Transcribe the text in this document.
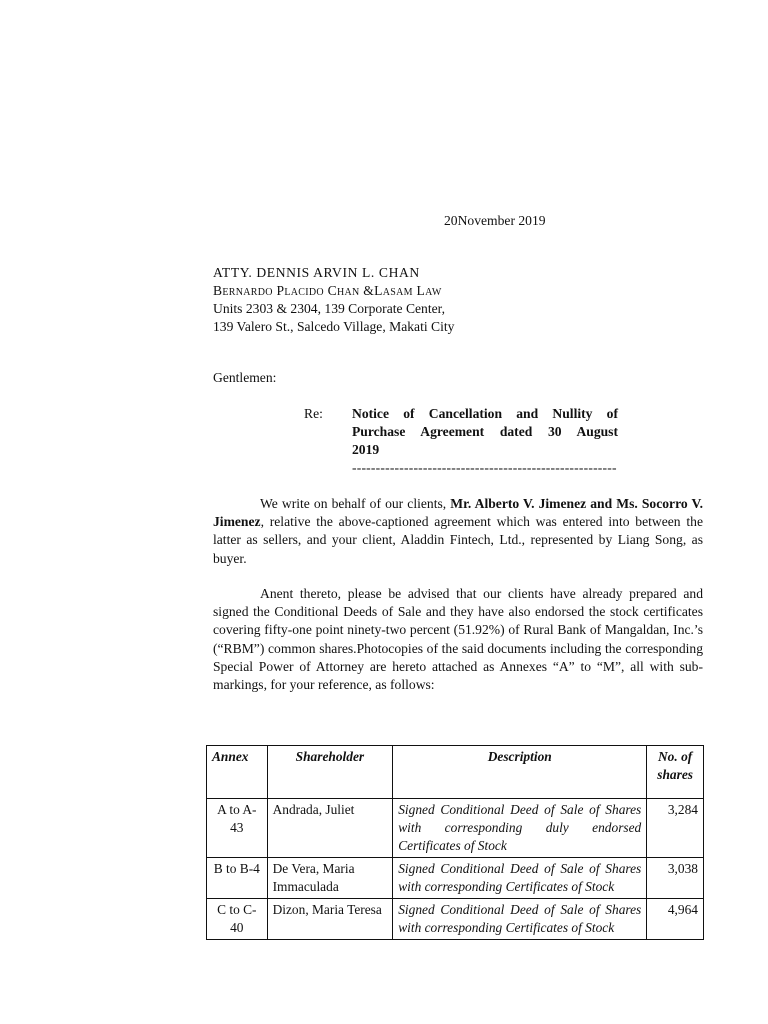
20November 2019
ATTY. DENNIS ARVIN L. CHAN
Bernardo Placido Chan &Lasam Law
Units 2303 & 2304, 139 Corporate Center,
139 Valero St., Salcedo Village, Makati City
Gentlemen:
Re: Notice of Cancellation and Nullity of
Purchase Agreement dated 30 August
2019
--------------------------------------------------------
We write on behalf of our clients, Mr. Alberto V. Jimenez and Ms. Socorro V. Jimenez, relative the above-captioned agreement which was entered into between the latter as sellers, and your client, Aladdin Fintech, Ltd., represented by Liang Song, as buyer.
Anent thereto, please be advised that our clients have already prepared and signed the Conditional Deeds of Sale and they have also endorsed the stock certificates covering fifty-one point ninety-two percent (51.92%) of Rural Bank of Mangaldan, Inc.’s (“RBM”) common shares.Photocopies of the said documents including the corresponding Special Power of Attorney are hereto attached as Annexes “A” to “M”, all with sub-markings, for your reference, as follows:
Annex	Shareholder	Description	No. of shares
A to A-43	Andrada, Juliet	Signed Conditional Deed of Sale of Shares with corresponding duly endorsed Certificates of Stock	3,284
B to B-4	De Vera, Maria Immaculada	Signed Conditional Deed of Sale of Shares with corresponding Certificates of Stock	3,038
C to C-40	Dizon, Maria Teresa	Signed Conditional Deed of Sale of Shares with corresponding Certificates of Stock	4,964
